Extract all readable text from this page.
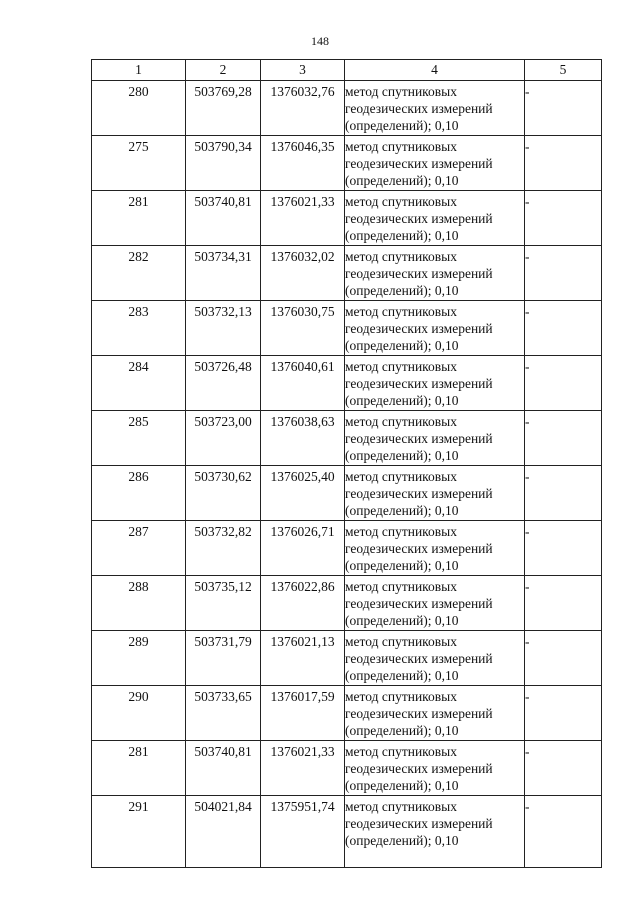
148
1	2	3	4	5
280	503769,28	1376032,76	метод спутниковых
геодезических измерений
(определений); 0,10	-
275	503790,34	1376046,35	метод спутниковых
геодезических измерений
(определений); 0,10	-
281	503740,81	1376021,33	метод спутниковых
геодезических измерений
(определений); 0,10	-
282	503734,31	1376032,02	метод спутниковых
геодезических измерений
(определений); 0,10	-
283	503732,13	1376030,75	метод спутниковых
геодезических измерений
(определений); 0,10	-
284	503726,48	1376040,61	метод спутниковых
геодезических измерений
(определений); 0,10	-
285	503723,00	1376038,63	метод спутниковых
геодезических измерений
(определений); 0,10	-
286	503730,62	1376025,40	метод спутниковых
геодезических измерений
(определений); 0,10	-
287	503732,82	1376026,71	метод спутниковых
геодезических измерений
(определений); 0,10	-
288	503735,12	1376022,86	метод спутниковых
геодезических измерений
(определений); 0,10	-
289	503731,79	1376021,13	метод спутниковых
геодезических измерений
(определений); 0,10	-
290	503733,65	1376017,59	метод спутниковых
геодезических измерений
(определений); 0,10	-
281	503740,81	1376021,33	метод спутниковых
геодезических измерений
(определений); 0,10	-
291	504021,84	1375951,74	метод спутниковых
геодезических измерений
(определений); 0,10	-
